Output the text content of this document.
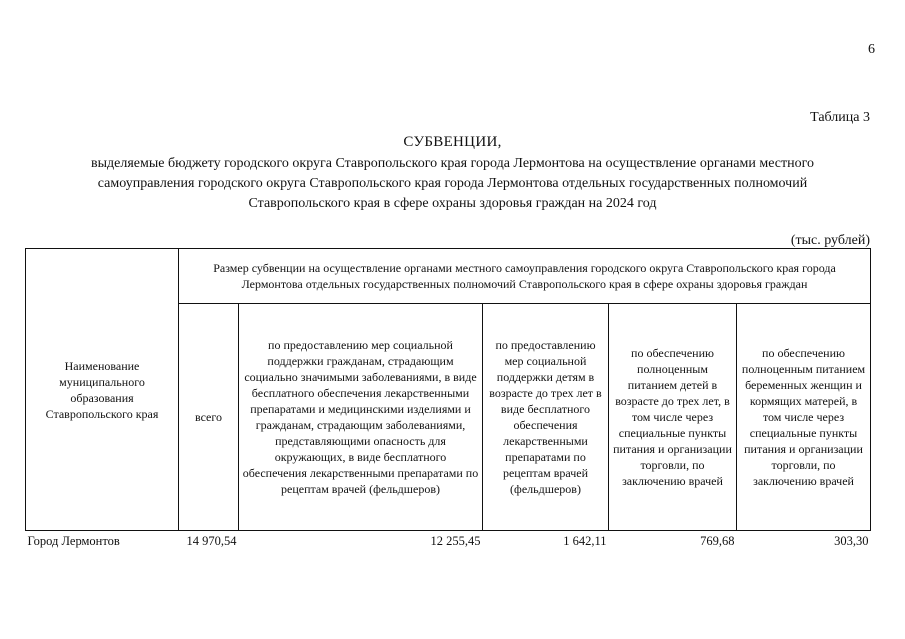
6
Таблица 3
СУБВЕНЦИИ,
выделяемые бюджету городского округа Ставропольского края города Лермонтова на осуществление органами местного
самоуправления городского округа Ставропольского края города Лермонтова отдельных государственных полномочий
Ставропольского края в сфере охраны здоровья граждан на 2024 год
(тыс. рублей)
Наименование муниципального образования Ставропольского края	Размер субвенции на осуществление органами местного самоуправления городского округа Ставропольского края города Лермонтова отдельных государственных полномочий Ставропольского края в сфере охраны здоровья граждан				
	всего	по предоставлению мер социальной поддержки гражданам, страдающим социально значимыми заболеваниями, в виде бесплатного обеспечения лекарственными препаратами и медицинскими изделиями и гражданам, страдающим заболеваниями, представляющими опасность для окружающих, в виде бесплатного обеспечения лекарственными препаратами по рецептам врачей (фельдшеров)	по предоставлению мер социальной поддержки детям в возрасте до трех лет в виде бесплатного обеспечения лекарственными препаратами по рецептам врачей (фельдшеров)	по обеспечению полноценным питанием детей в возрасте до трех лет, в том числе через специальные пункты питания и организации торговли, по заключению врачей	по обеспечению полноценным питанием беременных женщин и кормящих матерей, в том числе через специальные пункты питания и организации торговли, по заключению врачей
Город Лермонтов	14 970,54	12 255,45	1 642,11	769,68	303,30
